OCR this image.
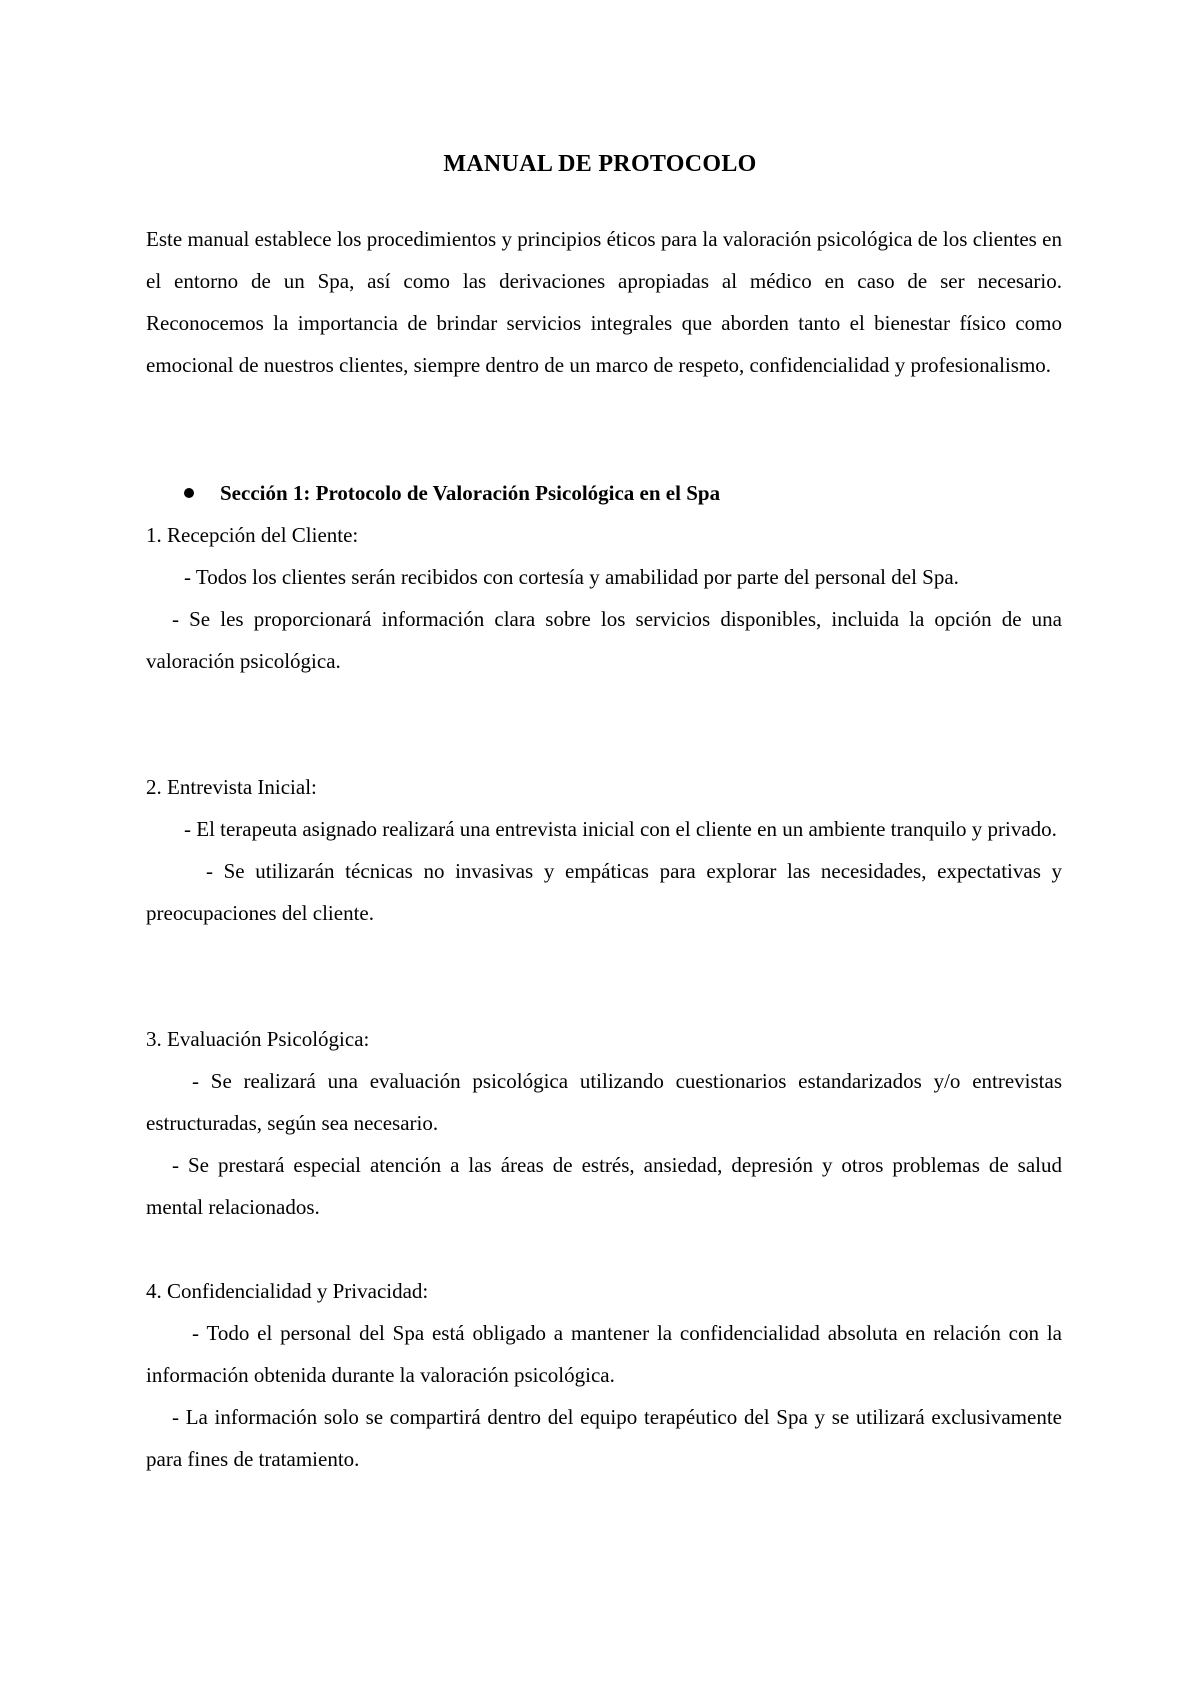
MANUAL DE PROTOCOLO

Este manual establece los procedimientos y principios éticos para la valoración psicológica de los clientes en el entorno de un Spa, así como las derivaciones apropiadas al médico en caso de ser necesario. Reconocemos la importancia de brindar servicios integrales que aborden tanto el bienestar físico como emocional de nuestros clientes, siempre dentro de un marco de respeto, confidencialidad y profesionalismo.

Sección 1: Protocolo de Valoración Psicológica en el Spa

1. Recepción del Cliente:

- Todos los clientes serán recibidos con cortesía y amabilidad por parte del personal del Spa.

- Se les proporcionará información clara sobre los servicios disponibles, incluida la opción de una valoración psicológica.

2. Entrevista Inicial:

- El terapeuta asignado realizará una entrevista inicial con el cliente en un ambiente tranquilo y privado.

- Se utilizarán técnicas no invasivas y empáticas para explorar las necesidades, expectativas y preocupaciones del cliente.

3. Evaluación Psicológica:

- Se realizará una evaluación psicológica utilizando cuestionarios estandarizados y/o entrevistas estructuradas, según sea necesario.

- Se prestará especial atención a las áreas de estrés, ansiedad, depresión y otros problemas de salud mental relacionados.

4. Confidencialidad y Privacidad:

- Todo el personal del Spa está obligado a mantener la confidencialidad absoluta en relación con la información obtenida durante la valoración psicológica.

- La información solo se compartirá dentro del equipo terapéutico del Spa y se utilizará exclusivamente para fines de tratamiento.
